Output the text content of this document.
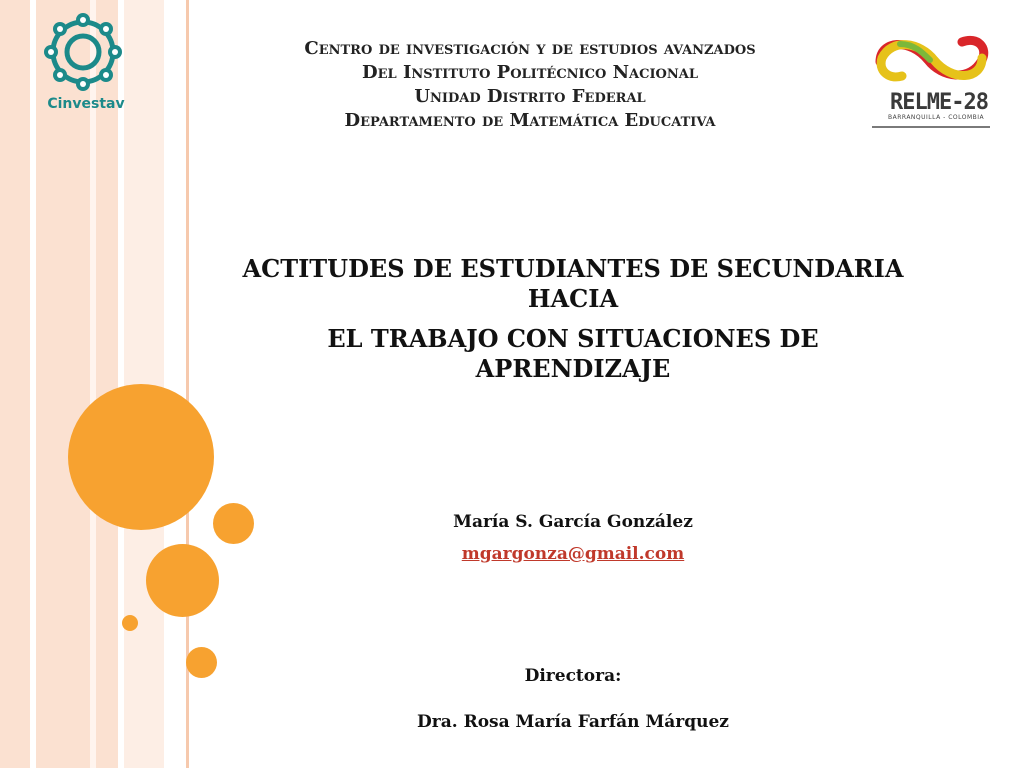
Cinvestav	RELME-28
BARRANQUILLA - COLOMBIA
Centro de investigación y de estudios avanzados
Del Instituto Politécnico Nacional
Unidad Distrito Federal
Departamento de Matemática Educativa
ACTITUDES DE ESTUDIANTES DE SECUNDARIA HACIA
EL TRABAJO CON SITUACIONES DE APRENDIZAJE
María S. García González
mgargonza@gmail.com
Directora:
Dra. Rosa María Farfán Márquez
